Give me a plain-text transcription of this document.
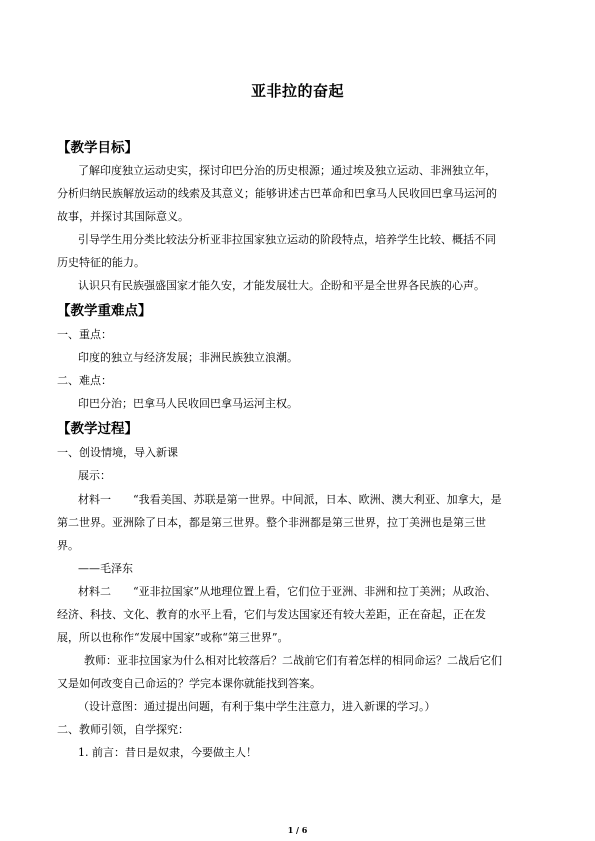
亚非拉的奋起
【教学目标】
了解印度独立运动史实，探讨印巴分治的历史根源；通过埃及独立运动、非洲独立年，
分析归纳民族解放运动的线索及其意义；能够讲述古巴革命和巴拿马人民收回巴拿马运河的
故事，并探讨其国际意义。
引导学生用分类比较法分析亚非拉国家独立运动的阶段特点，培养学生比较、概括不同
历史特征的能力。
认识只有民族强盛国家才能久安，才能发展壮大。企盼和平是全世界各民族的心声。
【教学重难点】
一、重点：
印度的独立与经济发展；非洲民族独立浪潮。
二、难点：
印巴分治；巴拿马人民收回巴拿马运河主权。
【教学过程】
一、创设情境，导入新课
展示：
材料一　　“我看美国、苏联是第一世界。中间派，日本、欧洲、澳大利亚、加拿大，是
第二世界。亚洲除了日本，都是第三世界。整个非洲都是第三世界，拉丁美洲也是第三世
界。
——毛泽东
材料二　　“亚非拉国家”从地理位置上看，它们位于亚洲、非洲和拉丁美洲；从政治、
经济、科技、文化、教育的水平上看，它们与发达国家还有较大差距，正在奋起，正在发
展，所以也称作“发展中国家”或称“第三世界”。
教师：亚非拉国家为什么相对比较落后？二战前它们有着怎样的相同命运？二战后它们
又是如何改变自己命运的？学完本课你就能找到答案。
（设计意图：通过提出问题，有利于集中学生注意力，进入新课的学习。）
二、教师引领，自学探究：
1. 前言：昔日是奴隶，今要做主人！
1 / 6
